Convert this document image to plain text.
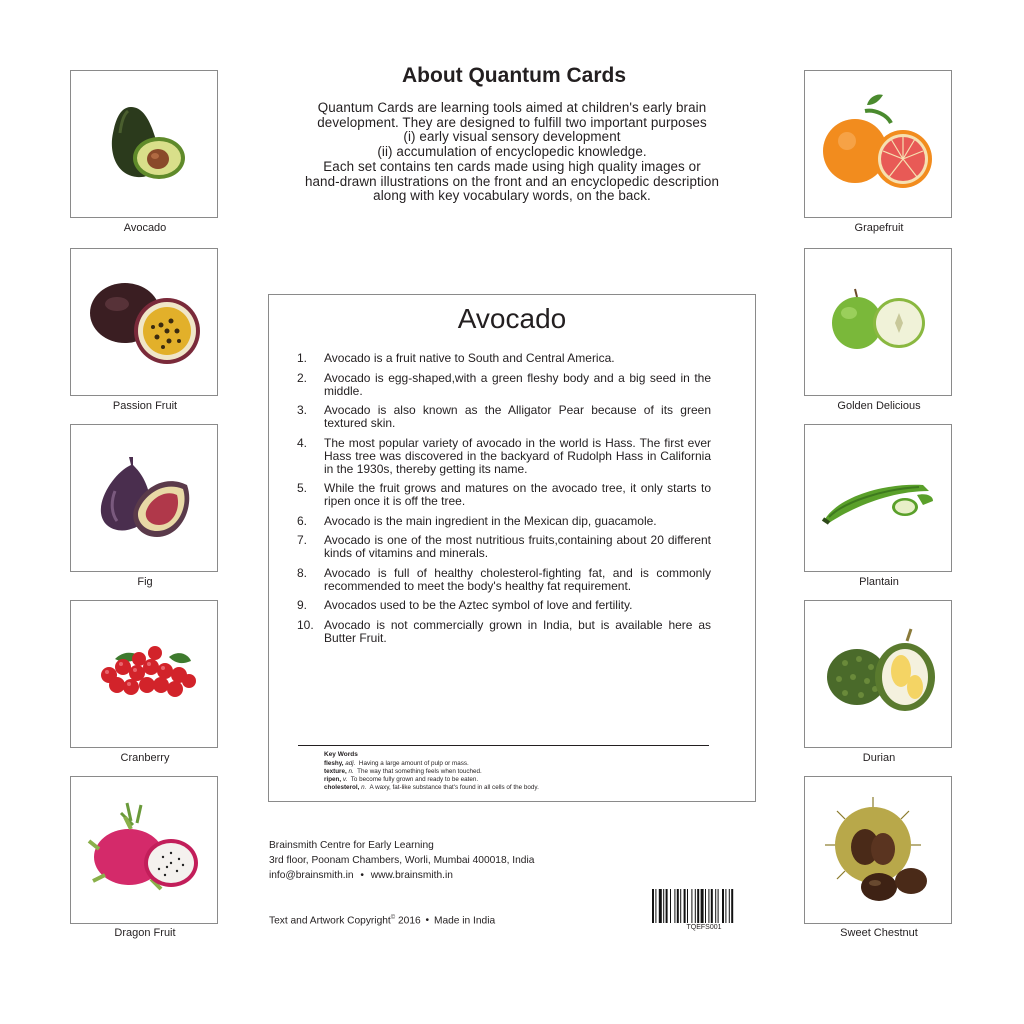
About Quantum Cards
Quantum Cards are learning tools aimed at children's early brain
development. They are designed to fulfill two important purposes
(i) early visual sensory development
(ii) accumulation of encyclopedic knowledge.
Each set contains ten cards made using high quality images or
hand-drawn illustrations on the front and an encyclopedic description
along with key vocabulary words, on the back.
Avocado
Passion Fruit
Fig
Cranberry
Dragon Fruit
Grapefruit
Golden Delicious
Plantain
Durian
Sweet Chestnut
Avocado
1.	Avocado is a fruit native to South and Central America.
2.	Avocado is egg-shaped,with a green fleshy body and a big seed in the middle.
3.	Avocado is also known as the Alligator Pear because of its green textured skin.
4.	The most popular variety of avocado in the world is Hass. The first ever Hass tree was discovered in the backyard of Rudolph Hass in California in the 1930s, thereby getting its name.
5.	While the fruit grows and matures on the avocado tree, it only starts to ripen once it is off the tree.
6.	Avocado is the main ingredient in the Mexican dip, guacamole.
7.	Avocado is one of the most nutritious fruits,containing about 20 different kinds of vitamins and minerals.
8.	Avocado is full of healthy cholesterol-fighting fat, and is commonly recommended to meet the body's healthy fat requirement.
9.	Avocados used to be the Aztec symbol of love and fertility.
10. Avocado is not commercially grown in India, but is available here as Butter Fruit.
Key Words
fleshy, adj. Having a large amount of pulp or mass.
texture, n. The way that something feels when touched.
ripen, v. To become fully grown and ready to be eaten.
cholesterol, n. A waxy, fat-like substance that's found in all cells of the body.
Brainsmith Centre for Early Learning
3rd floor, Poonam Chambers, Worli, Mumbai 400018, India
info@brainsmith.in • www.brainsmith.in
Text and Artwork Copyright© 2016 • Made in India
TQEFS001
